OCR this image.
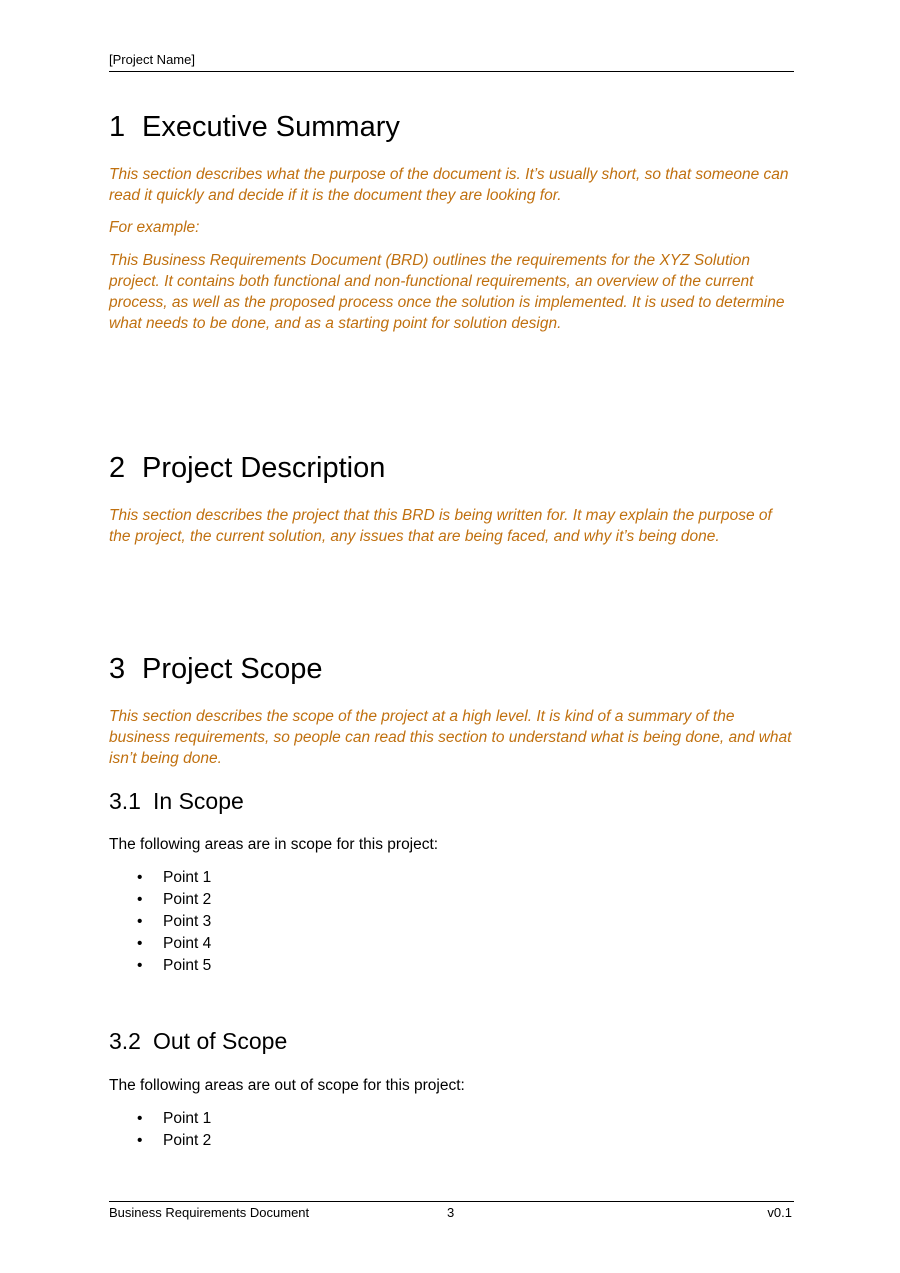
[Project Name]
1 Executive Summary

This section describes what the purpose of the document is. It’s usually short, so that someone can read it quickly and decide if it is the document they are looking for.

For example:

This Business Requirements Document (BRD) outlines the requirements for the XYZ Solution project. It contains both functional and non-functional requirements, an overview of the current process, as well as the proposed process once the solution is implemented. It is used to determine what needs to be done, and as a starting point for solution design.

2 Project Description

This section describes the project that this BRD is being written for. It may explain the purpose of the project, the current solution, any issues that are being faced, and why it’s being done.

3 Project Scope

This section describes the scope of the project at a high level. It is kind of a summary of the business requirements, so people can read this section to understand what is being done, and what isn’t being done.

3.1 In Scope

The following areas are in scope for this project:

• Point 1
• Point 2
• Point 3
• Point 4
• Point 5
3.2 Out of Scope

The following areas are out of scope for this project:

• Point 1
• Point 2
Business Requirements Document	3	v0.1
